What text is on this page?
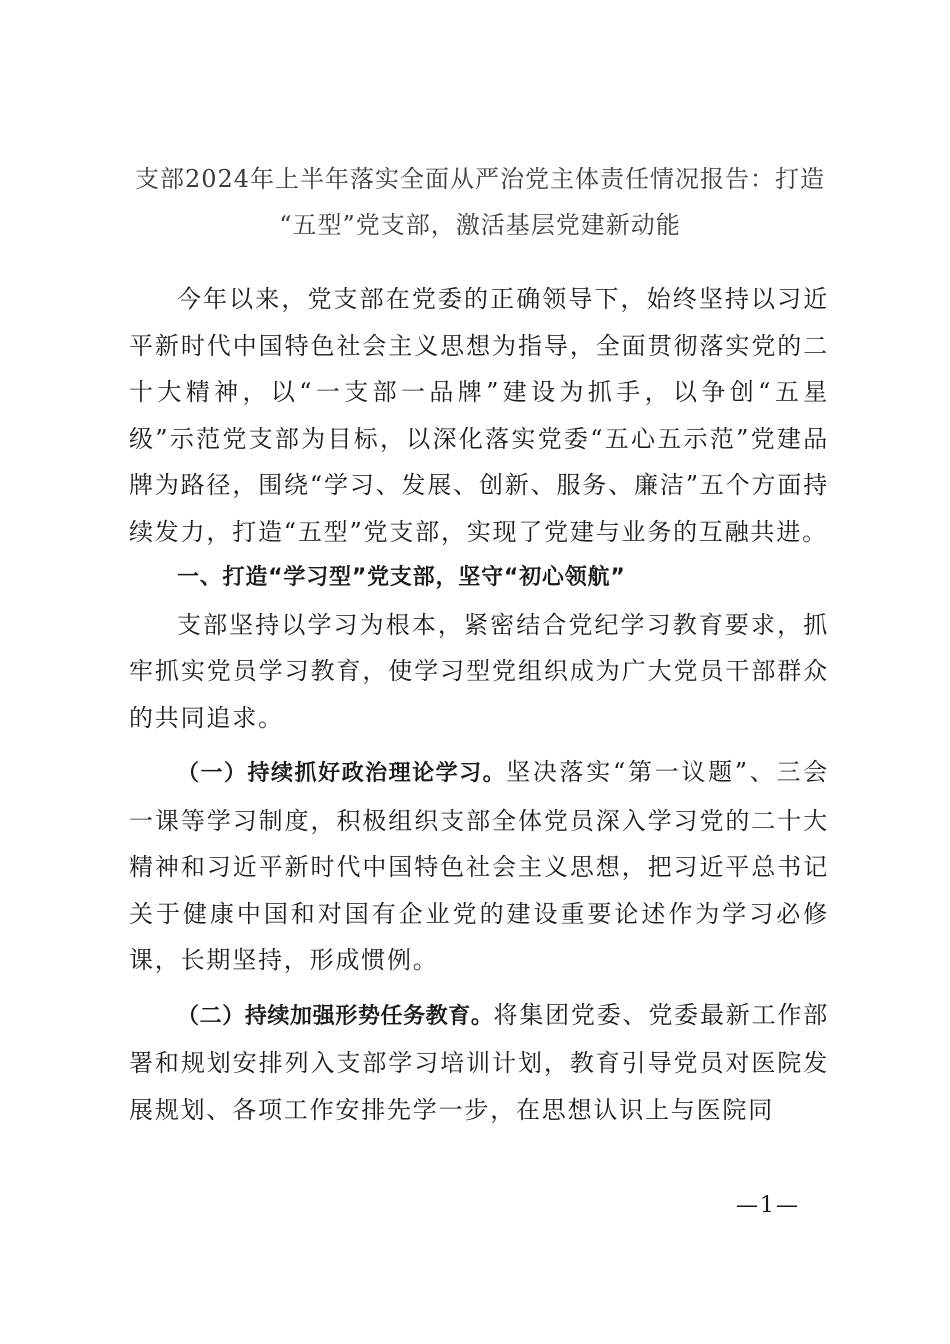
支部2024年上半年落实全面从严治党主体责任情况报告：打造
“五型”党支部，激活基层党建新动能

今年以来，党支部在党委的正确领导下，始终坚持以习近平新时代中国特色社会主义思想为指导，全面贯彻落实党的二十大精神，以“一支部一品牌”建设为抓手，以争创“五星级”示范党支部为目标，以深化落实党委“五心五示范”党建品牌为路径，围绕“学习、发展、创新、服务、廉洁”五个方面持续发力，打造“五型”党支部，实现了党建与业务的互融共进。

一、打造“学习型”党支部，坚守“初心领航”

支部坚持以学习为根本，紧密结合党纪学习教育要求，抓牢抓实党员学习教育，使学习型党组织成为广大党员干部群众的共同追求。

（一）持续抓好政治理论学习。坚决落实“第一议题”、三会一课等学习制度，积极组织支部全体党员深入学习党的二十大精神和习近平新时代中国特色社会主义思想，把习近平总书记关于健康中国和对国有企业党的建设重要论述作为学习必修课，长期坚持，形成惯例。

（二）持续加强形势任务教育。将集团党委、党委最新工作部署和规划安排列入支部学习培训计划，教育引导党员对医院发展规划、各项工作安排先学一步，在思想认识上与医院同

—1—
